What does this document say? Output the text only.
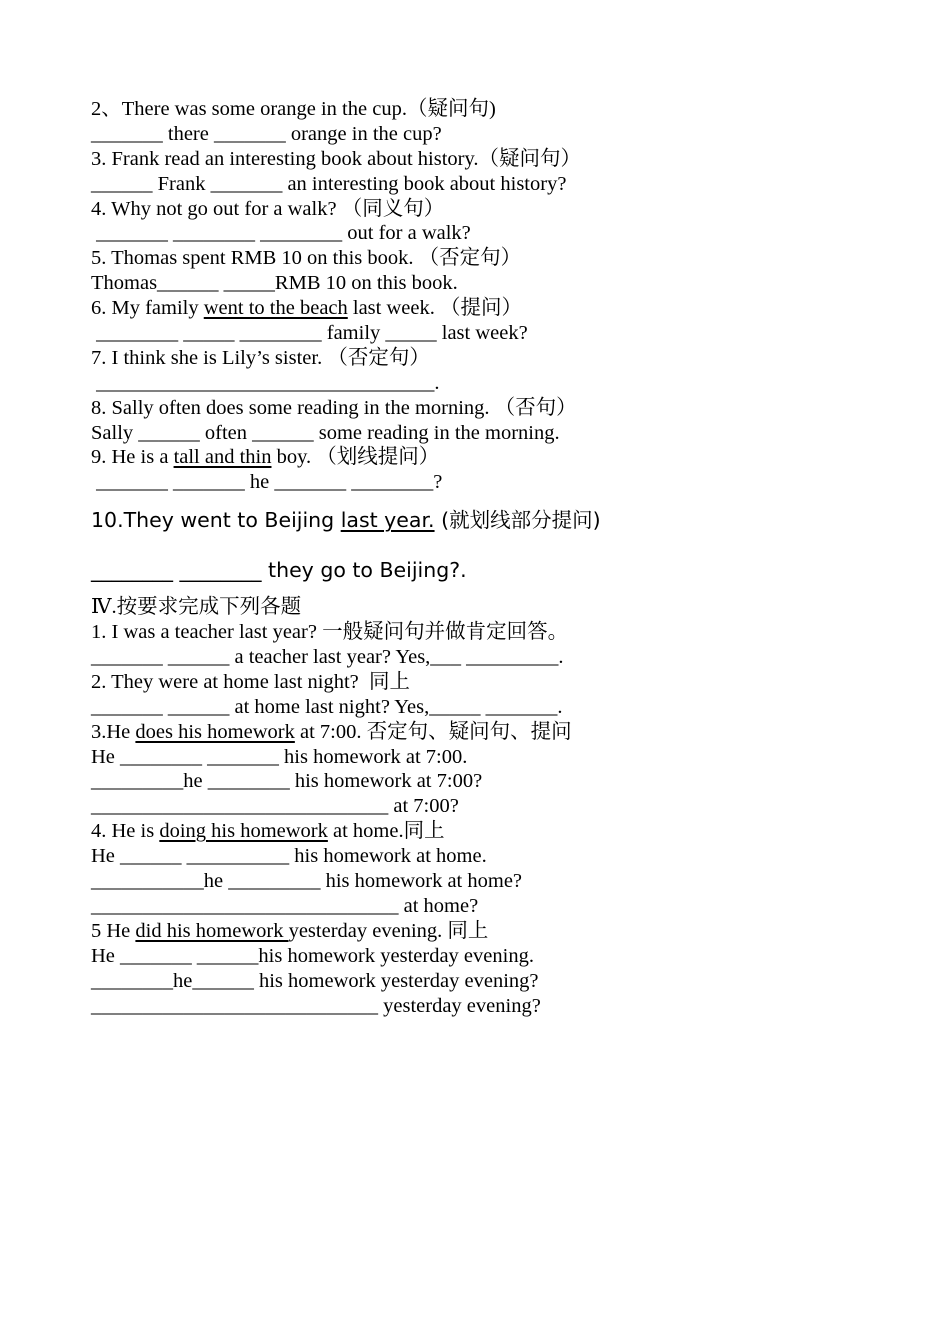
2、There was some orange in the cup.（疑问句)
_______ there _______ orange in the cup?
3. Frank read an interesting book about history.（疑问句）
______ Frank _______ an interesting book about history?
4. Why not go out for a walk? （同义句）
_______ ________ ________ out for a walk?
5. Thomas spent RMB 10 on this book. （否定句）
Thomas______ _____RMB 10 on this book.
6. My family went to the beach last week. （提问）
________ _____ ________ family _____ last week?
7. I think she is Lily’s sister. （否定句）
_________________________________.
8. Sally often does some reading in the morning. （否句）
Sally ______ often ______ some reading in the morning.
9. He is a tall and thin boy. （划线提问）
_______ _______ he _______ ________?
10.They went to Beijing last year. (就划线部分提问)
________ ________ they go to Beijing?.
Ⅳ.按要求完成下列各题
1. I was a teacher last year? 一般疑问句并做肯定回答。
_______ ______ a teacher last year? Yes,___ _________.
2. They were at home last night?  同上
_______ ______ at home last night? Yes,_____ _______.
3.He does his homework at 7:00. 否定句、疑问句、提问
He ________ _______ his homework at 7:00.
_________he ________ his homework at 7:00?
_____________________________ at 7:00?
4. He is doing his homework at home.同上
He ______ __________ his homework at home.
___________he _________ his homework at home?
______________________________ at home?
5 He did his homework yesterday evening. 同上
He _______ ______his homework yesterday evening.
________he______ his homework yesterday evening?
____________________________ yesterday evening?
